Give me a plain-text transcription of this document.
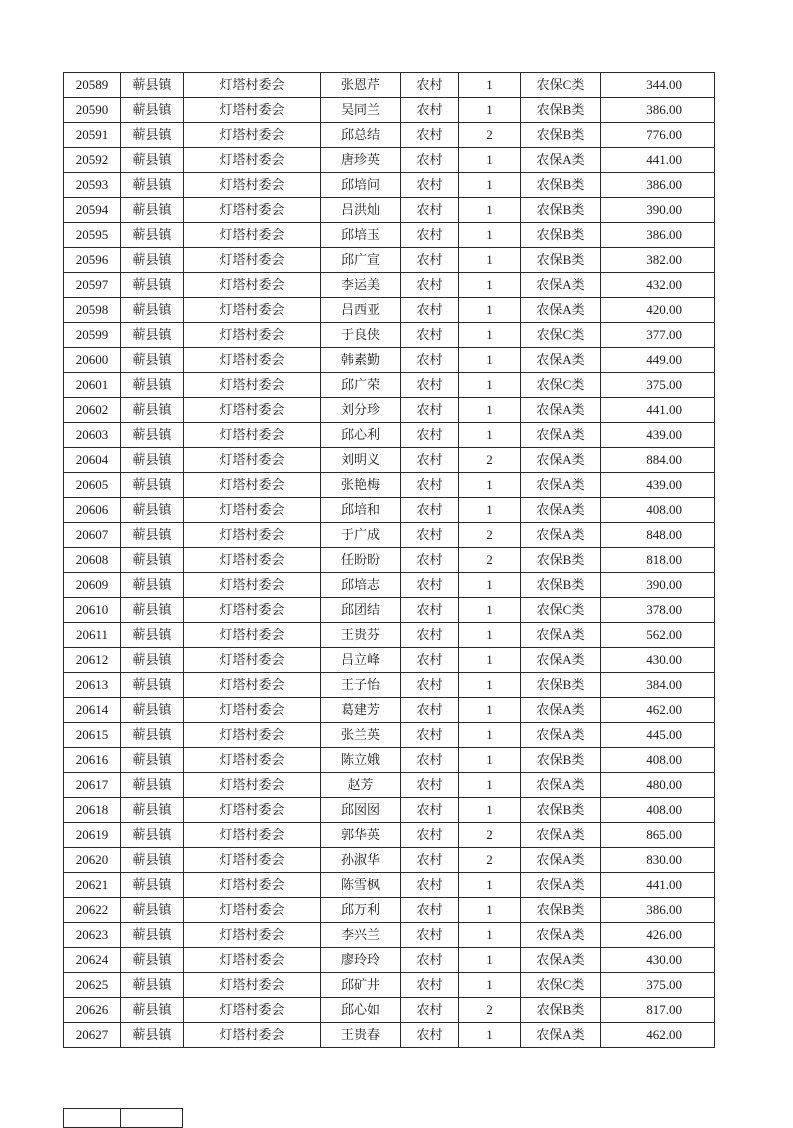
20589	蕲县镇	灯塔村委会	张恩芹	农村	1	农保C类	344.00
20590	蕲县镇	灯塔村委会	吴同兰	农村	1	农保B类	386.00
20591	蕲县镇	灯塔村委会	邱总结	农村	2	农保B类	776.00
20592	蕲县镇	灯塔村委会	唐珍英	农村	1	农保A类	441.00
20593	蕲县镇	灯塔村委会	邱培问	农村	1	农保B类	386.00
20594	蕲县镇	灯塔村委会	吕洪灿	农村	1	农保B类	390.00
20595	蕲县镇	灯塔村委会	邱培玉	农村	1	农保B类	386.00
20596	蕲县镇	灯塔村委会	邱广宣	农村	1	农保B类	382.00
20597	蕲县镇	灯塔村委会	李运美	农村	1	农保A类	432.00
20598	蕲县镇	灯塔村委会	吕西亚	农村	1	农保A类	420.00
20599	蕲县镇	灯塔村委会	于良侠	农村	1	农保C类	377.00
20600	蕲县镇	灯塔村委会	韩素勤	农村	1	农保A类	449.00
20601	蕲县镇	灯塔村委会	邱广荣	农村	1	农保C类	375.00
20602	蕲县镇	灯塔村委会	刘分珍	农村	1	农保A类	441.00
20603	蕲县镇	灯塔村委会	邱心利	农村	1	农保A类	439.00
20604	蕲县镇	灯塔村委会	刘明义	农村	2	农保A类	884.00
20605	蕲县镇	灯塔村委会	张艳梅	农村	1	农保A类	439.00
20606	蕲县镇	灯塔村委会	邱培和	农村	1	农保A类	408.00
20607	蕲县镇	灯塔村委会	于广成	农村	2	农保A类	848.00
20608	蕲县镇	灯塔村委会	任盼盼	农村	2	农保B类	818.00
20609	蕲县镇	灯塔村委会	邱培志	农村	1	农保B类	390.00
20610	蕲县镇	灯塔村委会	邱团结	农村	1	农保C类	378.00
20611	蕲县镇	灯塔村委会	王贵芬	农村	1	农保A类	562.00
20612	蕲县镇	灯塔村委会	吕立峰	农村	1	农保A类	430.00
20613	蕲县镇	灯塔村委会	王子怡	农村	1	农保B类	384.00
20614	蕲县镇	灯塔村委会	葛建芳	农村	1	农保A类	462.00
20615	蕲县镇	灯塔村委会	张兰英	农村	1	农保A类	445.00
20616	蕲县镇	灯塔村委会	陈立娥	农村	1	农保B类	408.00
20617	蕲县镇	灯塔村委会	赵芳	农村	1	农保A类	480.00
20618	蕲县镇	灯塔村委会	邱囡囡	农村	1	农保B类	408.00
20619	蕲县镇	灯塔村委会	郭华英	农村	2	农保A类	865.00
20620	蕲县镇	灯塔村委会	孙淑华	农村	2	农保A类	830.00
20621	蕲县镇	灯塔村委会	陈雪枫	农村	1	农保A类	441.00
20622	蕲县镇	灯塔村委会	邱万利	农村	1	农保B类	386.00
20623	蕲县镇	灯塔村委会	李兴兰	农村	1	农保A类	426.00
20624	蕲县镇	灯塔村委会	廖玲玲	农村	1	农保A类	430.00
20625	蕲县镇	灯塔村委会	邱矿井	农村	1	农保C类	375.00
20626	蕲县镇	灯塔村委会	邱心如	农村	2	农保B类	817.00
20627	蕲县镇	灯塔村委会	王贵春	农村	1	农保A类	462.00
